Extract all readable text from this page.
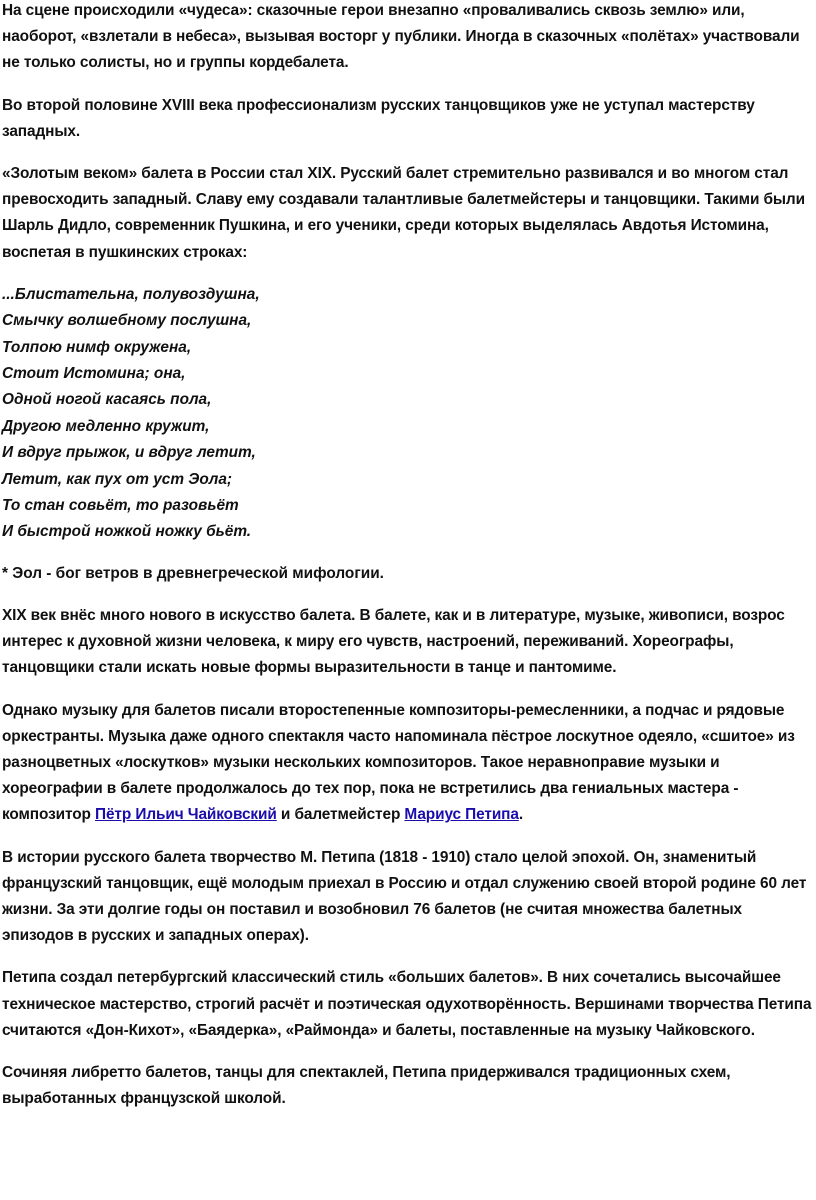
На сцене происходили «чудеса»: сказочные герои внезапно «проваливались сквозь землю» или, наоборот, «взлетали в небеса», вызывая восторг у публики. Иногда в сказочных «полётах» участвовали не только солисты, но и группы кордебалета.

Во второй половине XVIII века профессионализм русских танцовщиков уже не уступал мастерству западных.

«Золотым веком» балета в России стал XIX. Русский балет стремительно развивался и во многом стал превосходить западный. Славу ему создавали талантливые балетмейстеры и танцовщики. Такими были Шарль Дидло, современник Пушкина, и его ученики, среди которых выделялась Авдотья Истомина, воспетая в пушкинских строках:

...Блистательна, полувоздушна,
Смычку волшебному послушна,
Толпою нимф окружена,
Стоит Истомина; она,
Одной ногой касаясь пола,
Другою медленно кружит,
И вдруг прыжок, и вдруг летит,
Летит, как пух от уст Эола;
То стан совьёт, то разовьёт
И быстрой ножкой ножку бьёт.

* Эол - бог ветров в древнегреческой мифологии.

XIX век внёс много нового в искусство балета. В балете, как и в литературе, музыке, живописи, возрос интерес к духовной жизни человека, к миру его чувств, настроений, переживаний. Хореографы, танцовщики стали искать новые формы выразительности в танце и пантомиме.

Однако музыку для балетов писали второстепенные композиторы-ремесленники, а подчас и рядовые оркестранты. Музыка даже одного спектакля часто напоминала пёстрое лоскутное одеяло, «сшитое» из разноцветных «лоскутков» музыки нескольких композиторов. Такое неравноправие музыки и хореографии в балете продолжалось до тех пор, пока не встретились два гениальных мастера - композитор Пётр Ильич Чайковский и балетмейстер Мариус Петипа.

В истории русского балета творчество М. Петипа (1818 - 1910) стало целой эпохой. Он, знаменитый французский танцовщик, ещё молодым приехал в Россию и отдал служению своей второй родине 60 лет жизни. За эти долгие годы он поставил и возобновил 76 балетов (не считая множества балетных эпизодов в русских и западных операх).

Петипа создал петербургский классический стиль «больших балетов». В них сочетались высочайшее техническое мастерство, строгий расчёт и поэтическая одухотворённость. Вершинами творчества Петипа считаются «Дон-Кихот», «Баядерка», «Раймонда» и балеты, поставленные на музыку Чайковского.

Сочиняя либретто балетов, танцы для спектаклей, Петипа придерживался традиционных схем, выработанных французской школой.
